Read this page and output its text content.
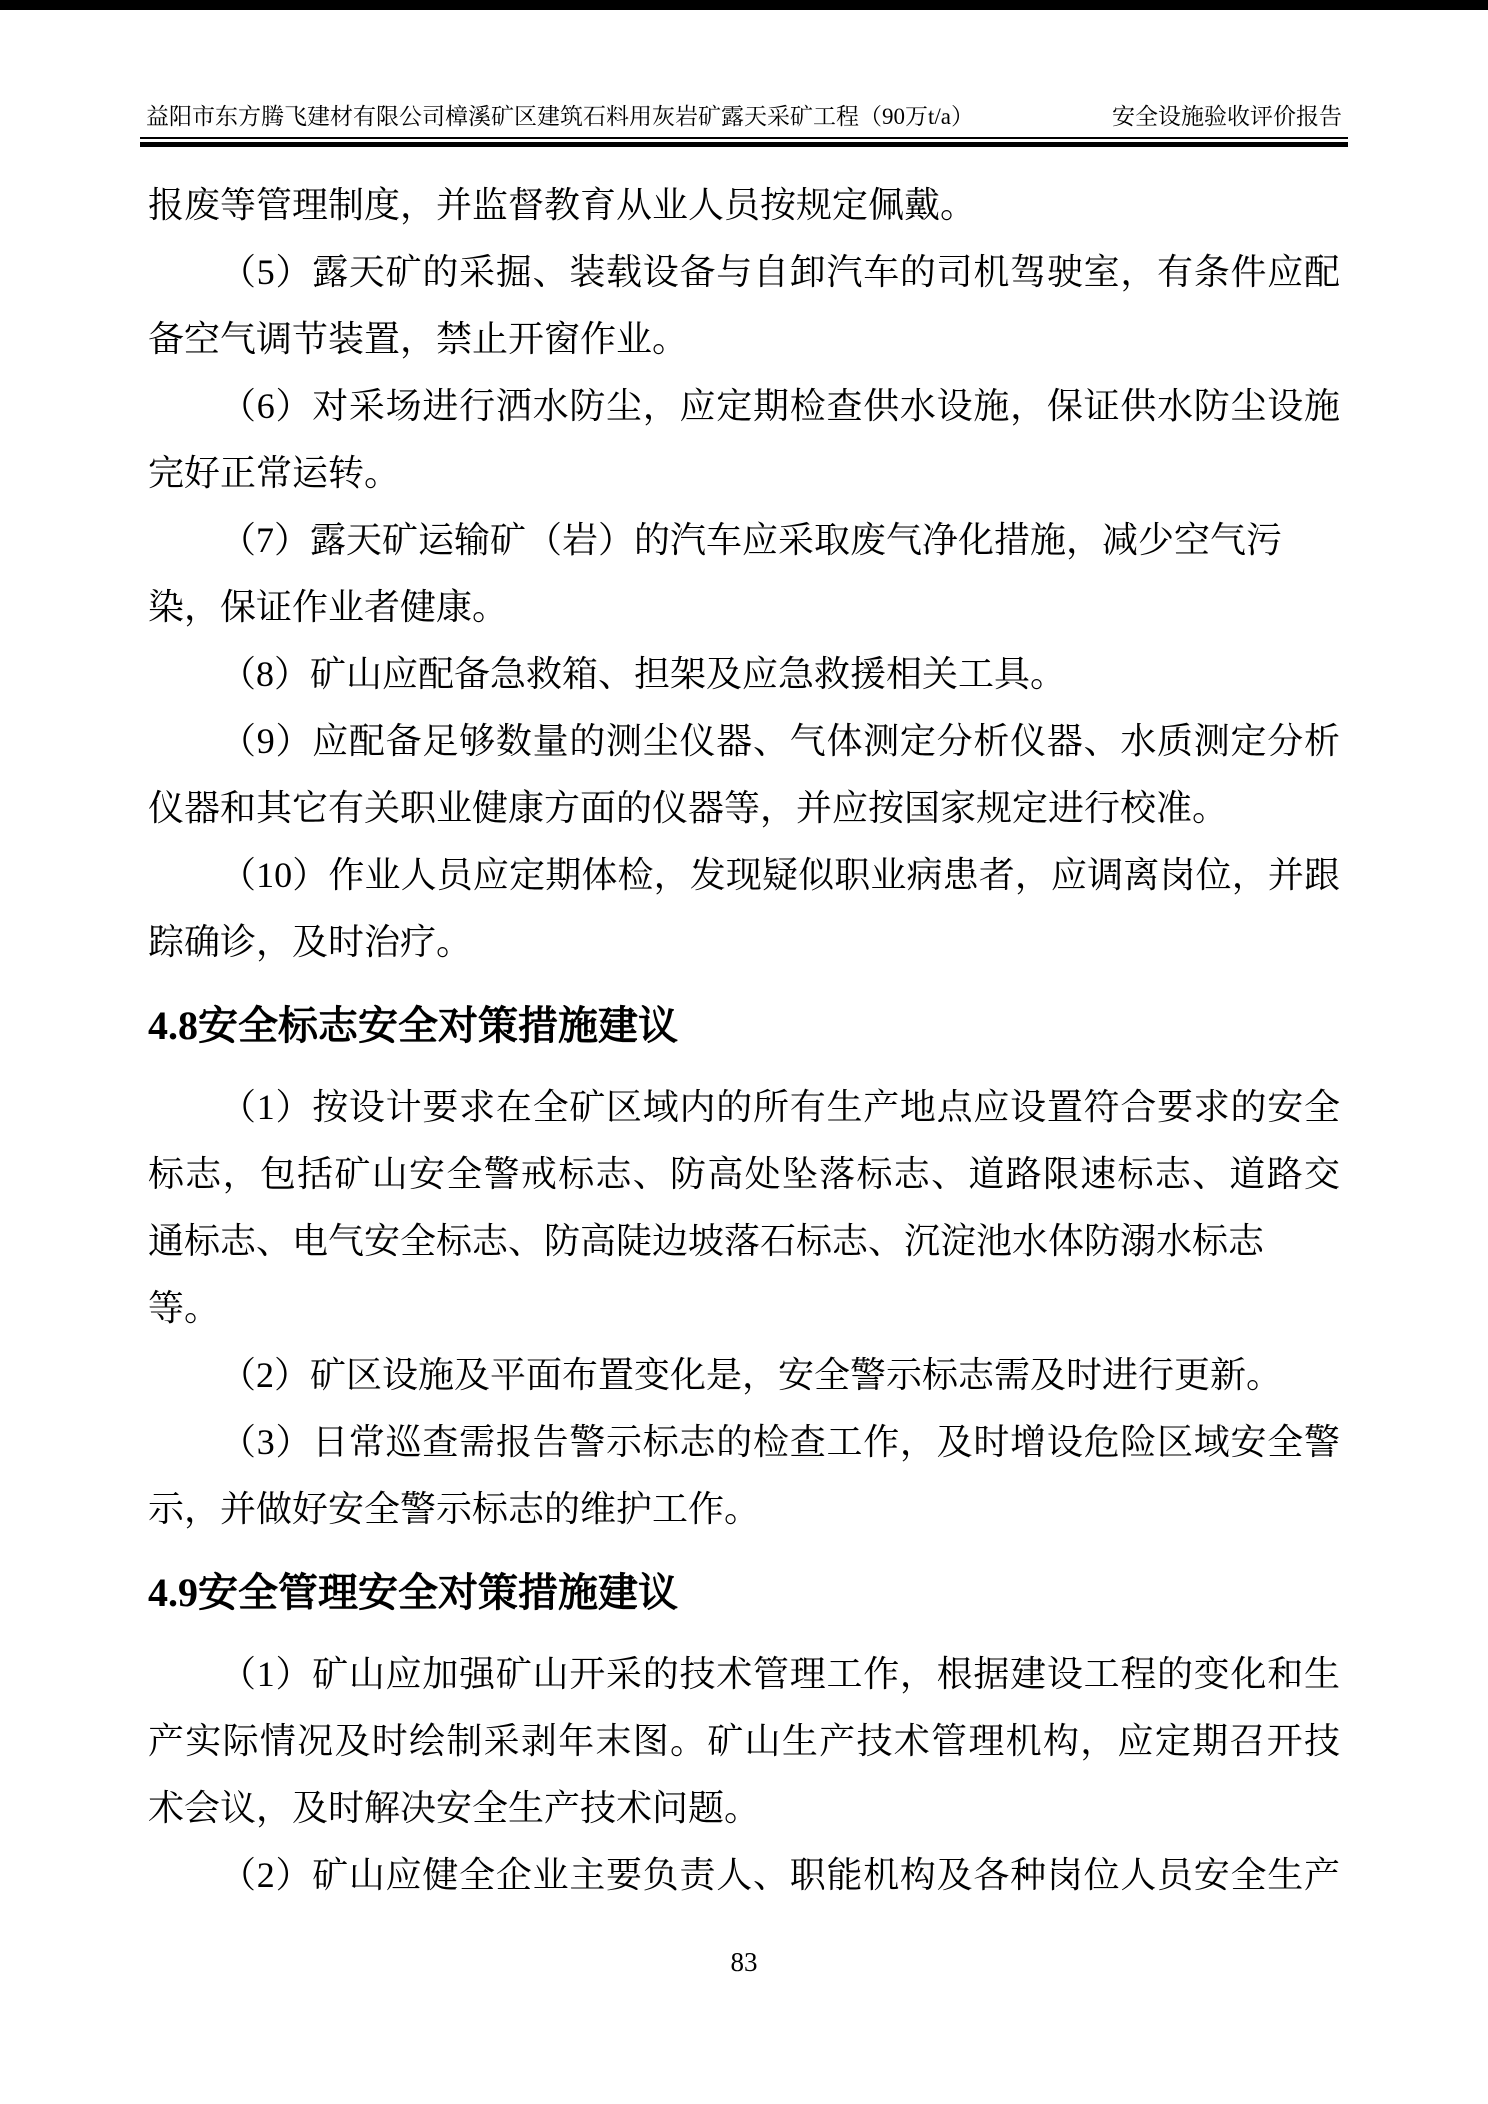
益阳市东方腾飞建材有限公司樟溪矿区建筑石料用灰岩矿露天采矿工程（90万t/a）	安全设施验收评价报告
报废等管理制度，并监督教育从业人员按规定佩戴。
（5）露天矿的采掘、装载设备与自卸汽车的司机驾驶室，有条件应配
备空气调节装置，禁止开窗作业。
（6）对采场进行洒水防尘，应定期检查供水设施，保证供水防尘设施
完好正常运转。
（7）露天矿运输矿（岩）的汽车应采取废气净化措施，减少空气污
染，保证作业者健康。
（8）矿山应配备急救箱、担架及应急救援相关工具。
（9）应配备足够数量的测尘仪器、气体测定分析仪器、水质测定分析
仪器和其它有关职业健康方面的仪器等，并应按国家规定进行校准。
（10）作业人员应定期体检，发现疑似职业病患者，应调离岗位，并跟
踪确诊，及时治疗。
4.8安全标志安全对策措施建议
（1）按设计要求在全矿区域内的所有生产地点应设置符合要求的安全
标志，包括矿山安全警戒标志、防高处坠落标志、道路限速标志、道路交
通标志、电气安全标志、防高陡边坡落石标志、沉淀池水体防溺水标志
等。
（2）矿区设施及平面布置变化是，安全警示标志需及时进行更新。
（3）日常巡查需报告警示标志的检查工作，及时增设危险区域安全警
示，并做好安全警示标志的维护工作。
4.9安全管理安全对策措施建议
（1）矿山应加强矿山开采的技术管理工作，根据建设工程的变化和生
产实际情况及时绘制采剥年末图。矿山生产技术管理机构，应定期召开技
术会议，及时解决安全生产技术问题。
（2）矿山应健全企业主要负责人、职能机构及各种岗位人员安全生产
83
